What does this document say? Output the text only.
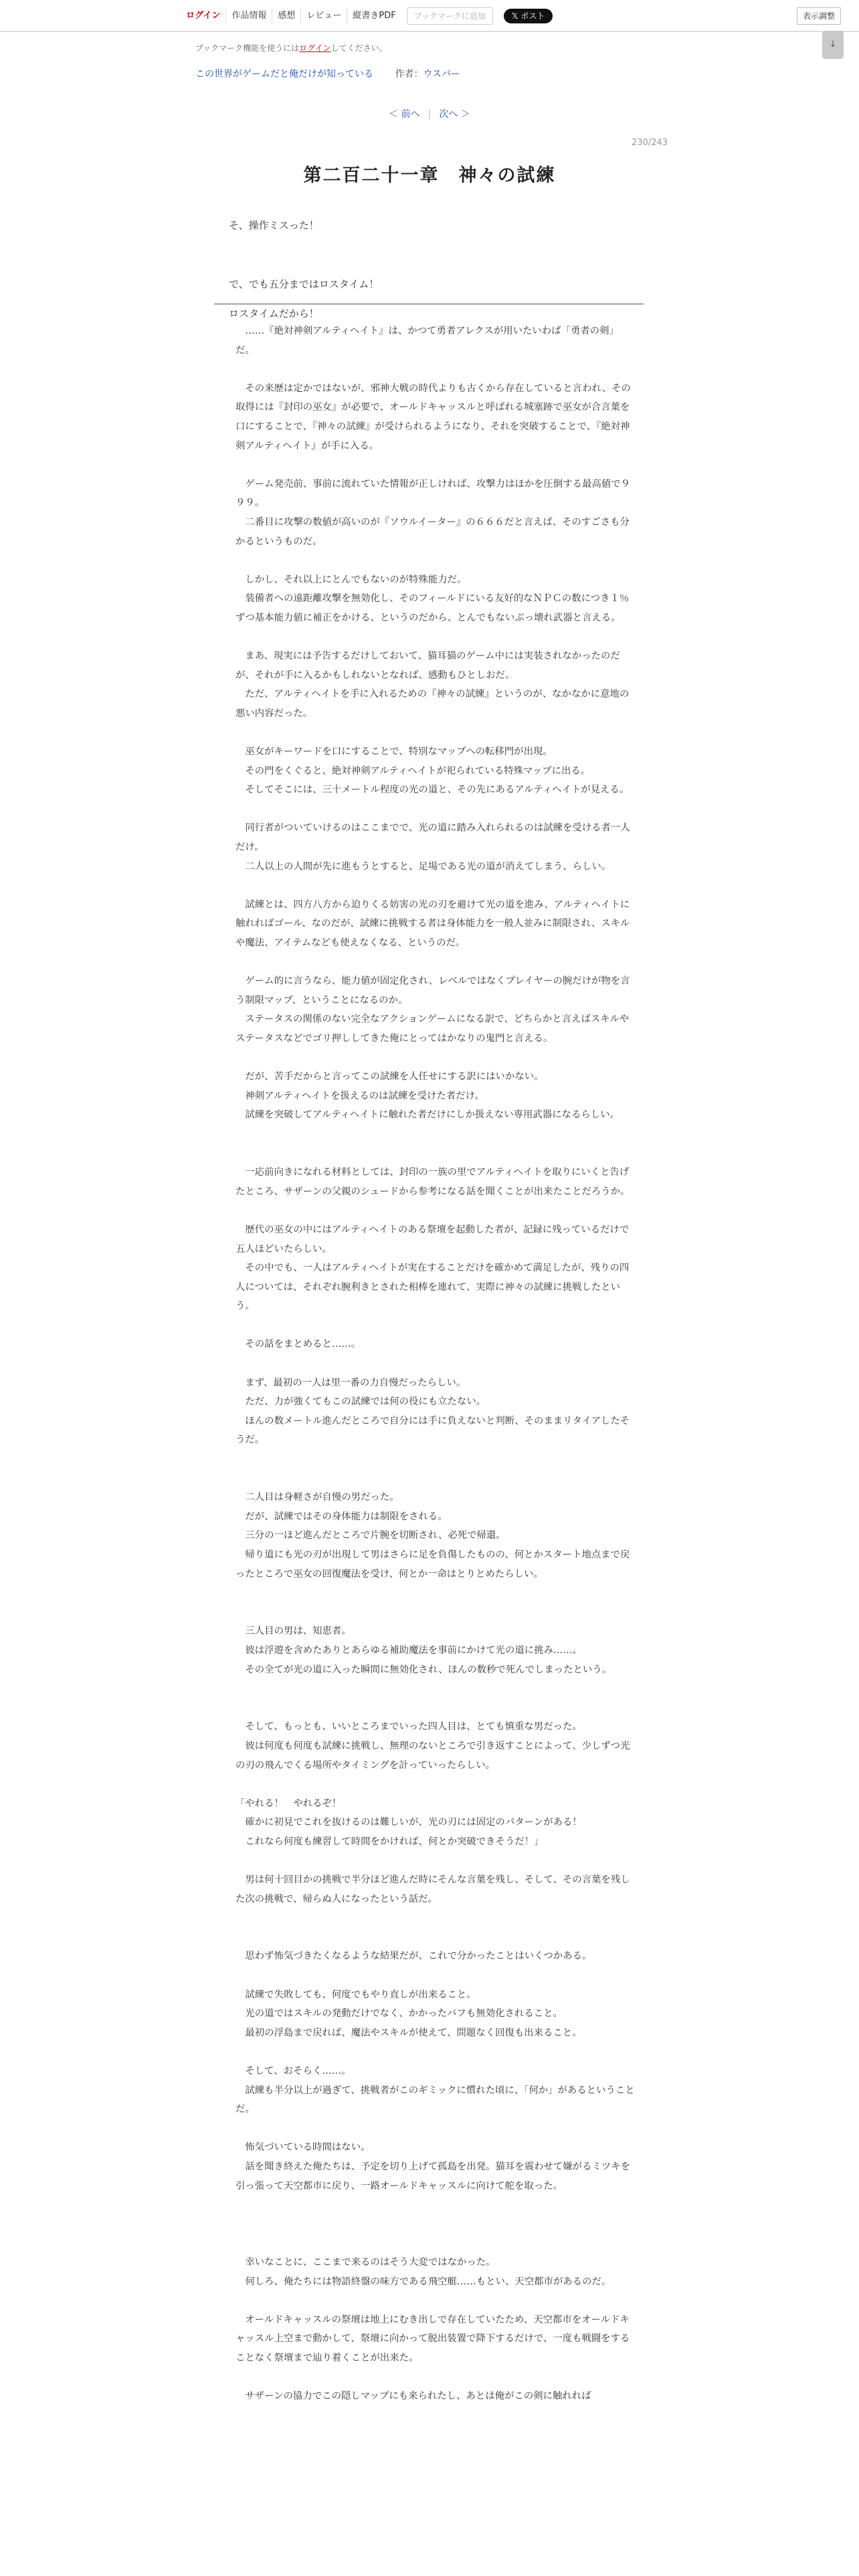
ログイン	作品情報	感想	レビュー	縦書きPDF	ブックマークに追加	𝕏 ポスト	表示調整
↓
ブックマーク機能を使うにはログインしてください。
この世界がゲームだと俺だけが知っている 作者：ウスバー
＜ 前へ | 次へ ＞
230/243
第二百二十一章　神々の試練

そ、操作ミスった！

で、でも五分まではロスタイム！

ロスタイムだから！

　……『絶対神剣アルティヘイト』は、かつて勇者アレクスが用いたいわば「勇者の剣」だ。

　その来歴は定かではないが、邪神大戦の時代よりも古くから存在していると言われ、その取得には『封印の巫女』が必要で、オールドキャッスルと呼ばれる城塞跡で巫女が合言葉を口にすることで、『神々の試練』が受けられるようになり、それを突破することで、『絶対神剣アルティヘイト』が手に入る。

　ゲーム発売前、事前に流れていた情報が正しければ、攻撃力はほかを圧倒する最高値で９９９。

　二番目に攻撃の数値が高いのが『ソウルイーター』の６６６だと言えば、そのすごさも分かるというものだ。

　しかし、それ以上にとんでもないのが特殊能力だ。

　装備者への遠距離攻撃を無効化し、そのフィールドにいる友好的なＮＰＣの数につき１％ずつ基本能力値に補正をかける、というのだから、とんでもないぶっ壊れ武器と言える。

　まあ、現実には予告するだけしておいて、猫耳猫のゲーム中には実装されなかったのだが、それが手に入るかもしれないとなれば、感動もひとしおだ。

　ただ、アルティヘイトを手に入れるための『神々の試練』というのが、なかなかに意地の悪い内容だった。

　巫女がキーワードを口にすることで、特別なマップへの転移門が出現。

　その門をくぐると、絶対神剣アルティヘイトが祀られている特殊マップに出る。

　そしてそこには、三十メートル程度の光の道と、その先にあるアルティヘイトが見える。

　同行者がついていけるのはここまでで、光の道に踏み入れられるのは試練を受ける者一人だけ。

　二人以上の人間が先に進もうとすると、足場である光の道が消えてしまう、らしい。

　試練とは、四方八方から迫りくる妨害の光の刃を避けて光の道を進み、アルティヘイトに触れればゴール、なのだが、試練に挑戦する者は身体能力を一般人並みに制限され、スキルや魔法、アイテムなども使えなくなる、というのだ。

　ゲーム的に言うなら、能力値が固定化され、レベルではなくプレイヤーの腕だけが物を言う制限マップ、ということになるのか。

　ステータスの関係のない完全なアクションゲームになる訳で、どちらかと言えばスキルやステータスなどでゴリ押ししてきた俺にとってはかなりの鬼門と言える。

　だが、苦手だからと言ってこの試練を人任せにする訳にはいかない。

　神剣アルティヘイトを扱えるのは試練を受けた者だけ。

　試練を突破してアルティヘイトに触れた者だけにしか扱えない専用武器になるらしい。

　一応前向きになれる材料としては、封印の一族の里でアルティヘイトを取りにいくと告げたところ、サザーンの父親のシュードから参考になる話を聞くことが出来たことだろうか。

　歴代の巫女の中にはアルティヘイトのある祭壇を起動した者が、記録に残っているだけで五人ほどいたらしい。

　その中でも、一人はアルティヘイトが実在することだけを確かめて満足したが、残りの四人については、それぞれ腕利きとされた相棒を連れて、実際に神々の試練に挑戦したという。

　その話をまとめると……。

　まず、最初の一人は里一番の力自慢だったらしい。

　ただ、力が強くてもこの試練では何の役にも立たない。

　ほんの数メートル進んだところで自分には手に負えないと判断、そのままリタイアしたそうだ。

　二人目は身軽さが自慢の男だった。

　だが、試練ではその身体能力は制限をされる。

　三分の一ほど進んだところで片腕を切断され、必死で帰還。

　帰り道にも光の刃が出現して男はさらに足を負傷したものの、何とかスタート地点まで戻ったところで巫女の回復魔法を受け、何とか一命はとりとめたらしい。

　三人目の男は、知恵者。

　彼は浮遊を含めたありとあらゆる補助魔法を事前にかけて光の道に挑み……。

　その全てが光の道に入った瞬間に無効化され、ほんの数秒で死んでしまったという。

　そして、もっとも、いいところまでいった四人目は、とても慎重な男だった。

　彼は何度も何度も試練に挑戦し、無理のないところで引き返すことによって、少しずつ光の刃の飛んでくる場所やタイミングを計っていったらしい。

「やれる！　やれるぞ！

　確かに初見でこれを抜けるのは難しいが、光の刃には固定のパターンがある！

　これなら何度も練習して時間をかければ、何とか突破できそうだ！」

　男は何十回目かの挑戦で半分ほど進んだ時にそんな言葉を残し、そして、その言葉を残した次の挑戦で、帰らぬ人になったという話だ。

　思わず怖気づきたくなるような結果だが、これで分かったことはいくつかある。

　試練で失敗しても、何度でもやり直しが出来ること。

　光の道ではスキルの発動だけでなく、かかったバフも無効化されること。

　最初の浮島まで戻れば、魔法やスキルが使えて、問題なく回復も出来ること。

　そして、おそらく……。

　試練も半分以上が過ぎて、挑戦者がこのギミックに慣れた頃に、「何か」があるということだ。

　怖気づいている時間はない。

　話を聞き終えた俺たちは、予定を切り上げて孤島を出発。猫耳を震わせて嫌がるミツキを引っ張って天空都市に戻り、一路オールドキャッスルに向けて舵を取った。

　幸いなことに、ここまで来るのはそう大変ではなかった。

　何しろ、俺たちには物語終盤の味方である飛空艇……もとい、天空都市があるのだ。

　オールドキャッスルの祭壇は地上にむき出しで存在していたため、天空都市をオールドキャッスル上空まで動かして、祭壇に向かって脱出装置で降下するだけで、一度も戦闘をすることなく祭壇まで辿り着くことが出来た。

　サザーンの協力でこの隠しマップにも来られたし、あとは俺がこの剣に触れれば
